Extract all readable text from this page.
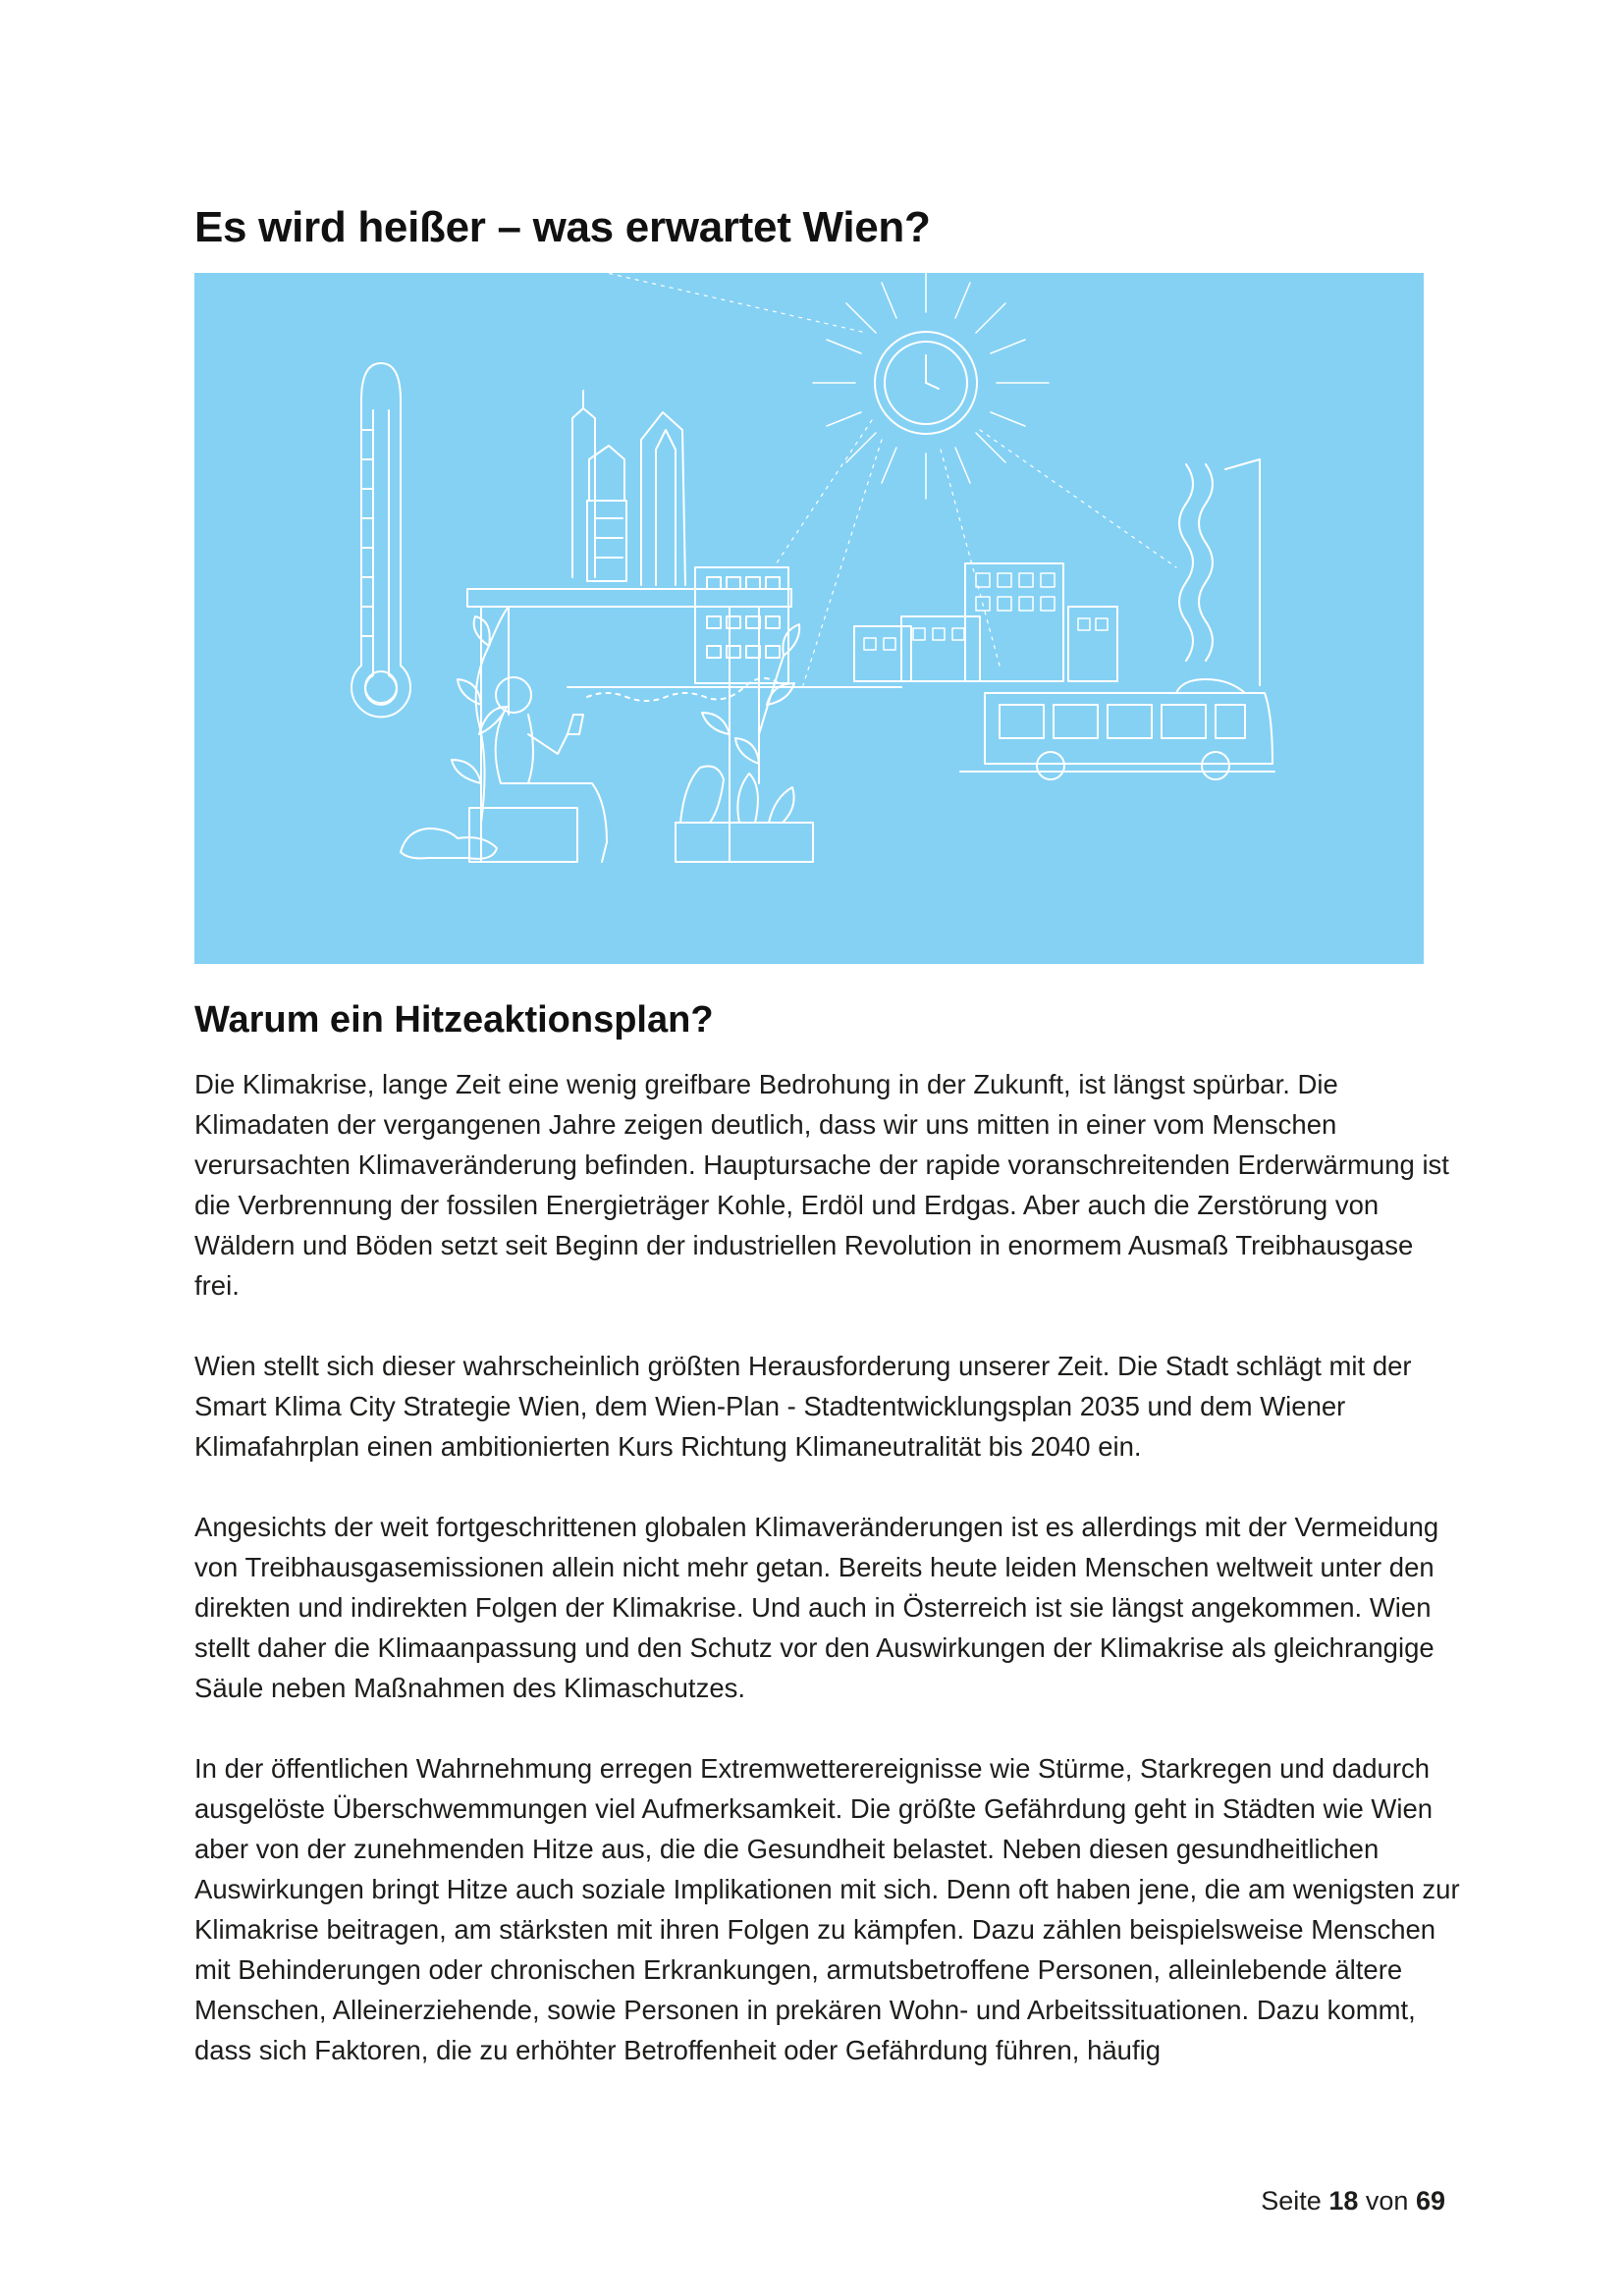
Es wird heißer – was erwartet Wien?
Warum ein Hitzeaktionsplan?

Die Klimakrise, lange Zeit eine wenig greifbare Bedrohung in der Zukunft, ist längst spürbar. Die Klimadaten der vergangenen Jahre zeigen deutlich, dass wir uns mitten in einer vom Menschen verursachten Klimaveränderung befinden. Hauptursache der rapide voranschreitenden Erderwärmung ist die Verbrennung der fossilen Energieträger Kohle, Erdöl und Erdgas. Aber auch die Zerstörung von Wäldern und Böden setzt seit Beginn der industriellen Revolution in enormem Ausmaß Treibhausgase frei.

Wien stellt sich dieser wahrscheinlich größten Herausforderung unserer Zeit. Die Stadt schlägt mit der Smart Klima City Strategie Wien, dem Wien-Plan - Stadtentwicklungsplan 2035 und dem Wiener Klimafahrplan einen ambitionierten Kurs Richtung Klimaneutralität bis 2040 ein.

Angesichts der weit fortgeschrittenen globalen Klimaveränderungen ist es allerdings mit der Vermeidung von Treibhausgasemissionen allein nicht mehr getan. Bereits heute leiden Menschen weltweit unter den direkten und indirekten Folgen der Klimakrise. Und auch in Österreich ist sie längst angekommen. Wien stellt daher die Klimaanpassung und den Schutz vor den Auswirkungen der Klimakrise als gleichrangige Säule neben Maßnahmen des Klimaschutzes.

In der öffentlichen Wahrnehmung erregen Extremwetterereignisse wie Stürme, Starkregen und dadurch ausgelöste Überschwemmungen viel Aufmerksamkeit. Die größte Gefährdung geht in Städten wie Wien aber von der zunehmenden Hitze aus, die die Gesundheit belastet. Neben diesen gesundheitlichen Auswirkungen bringt Hitze auch soziale Implikationen mit sich. Denn oft haben jene, die am wenigsten zur Klimakrise beitragen, am stärksten mit ihren Folgen zu kämpfen. Dazu zählen beispielsweise Menschen mit Behinderungen oder chronischen Erkrankungen, armutsbetroffene Personen, alleinlebende ältere Menschen, Alleinerziehende, sowie Personen in prekären Wohn- und Arbeitssituationen. Dazu kommt, dass sich Faktoren, die zu erhöhter Betroffenheit oder Gefährdung führen, häufig

Seite 18 von 69
